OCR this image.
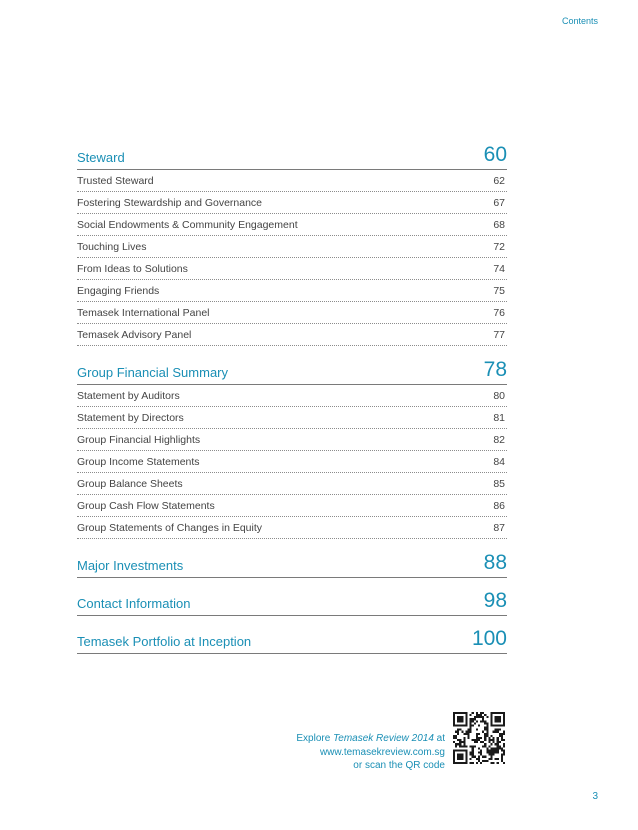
Contents
Steward	60
Trusted Steward	62
Fostering Stewardship and Governance	67
Social Endowments & Community Engagement	68
Touching Lives	72
From Ideas to Solutions	74
Engaging Friends	75
Temasek International Panel	76
Temasek Advisory Panel	77
Group Financial Summary	78
Statement by Auditors	80
Statement by Directors	81
Group Financial Highlights	82
Group Income Statements	84
Group Balance Sheets	85
Group Cash Flow Statements	86
Group Statements of Changes in Equity	87
Major Investments	88
Contact Information	98
Temasek Portfolio at Inception	100
Explore Temasek Review 2014 at
www.temasekreview.com.sg
or scan the QR code
3
